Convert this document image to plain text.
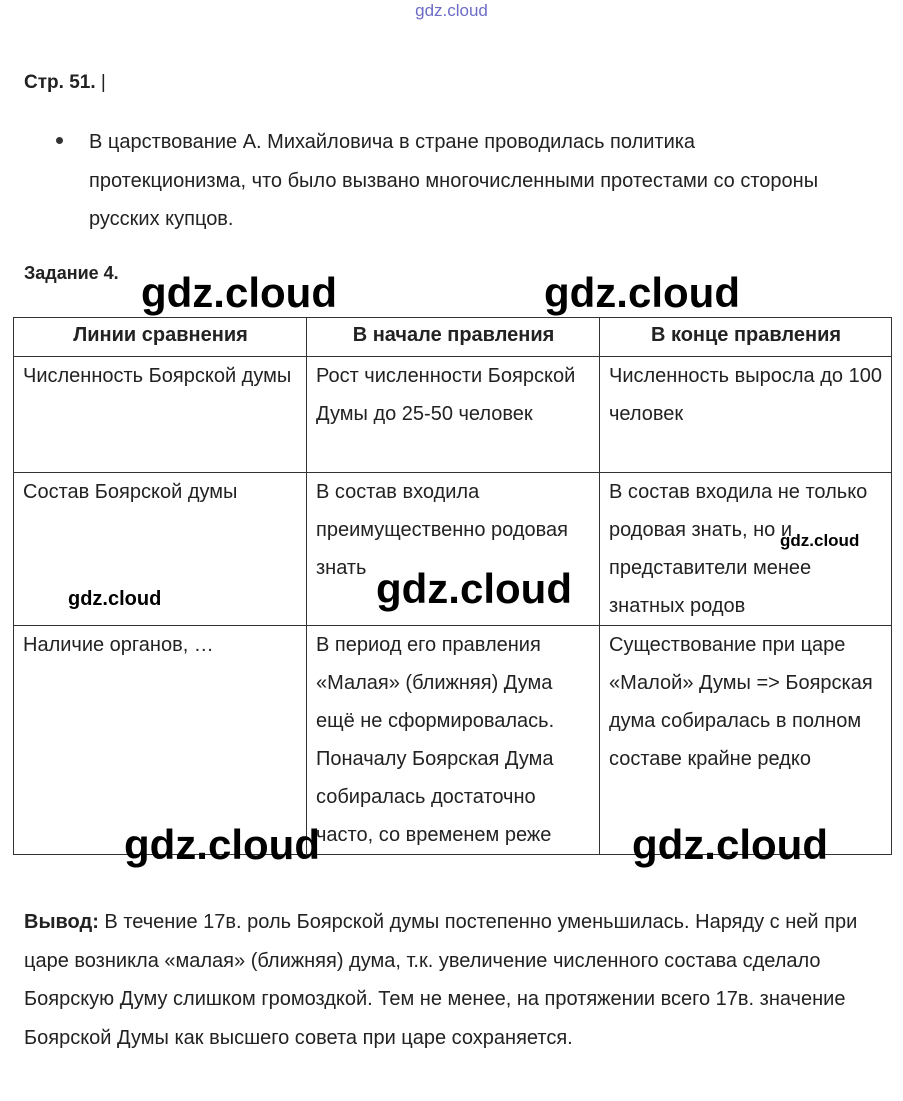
gdz.cloud
Стр. 51. |
В царствование А. Михайловича в стране проводилась политика протекционизма, что было вызвано многочисленными протестами со стороны русских купцов.
Задание 4.
Линии сравнения	В начале правления	В конце правления
Численность Боярской думы	Рост численности Боярской Думы до 25-50 человек	Численность выросла до 100 человек
Состав Боярской думы	В состав входила преимущественно родовая знать	В состав входила не только родовая знать, но и представители менее знатных родов
Наличие органов, …	В период его правления «Малая» (ближняя) Дума ещё не сформировалась. Поначалу Боярская Дума собиралась достаточно часто, со временем реже	Существование при царе «Малой» Думы => Боярская дума собиралась в полном составе крайне редко
Вывод: В течение 17в. роль Боярской думы постепенно уменьшилась. Наряду с ней при царе возникла «малая» (ближняя) дума, т.к. увеличение численного состава сделало Боярскую Думу слишком громоздкой. Тем не менее, на протяжении всего 17в. значение Боярской Думы как высшего совета при царе сохраняется.
gdz.cloud	gdz.cloud
gdz.cloud	gdz.cloud
gdz.cloud
gdz.cloud	gdz.cloud
